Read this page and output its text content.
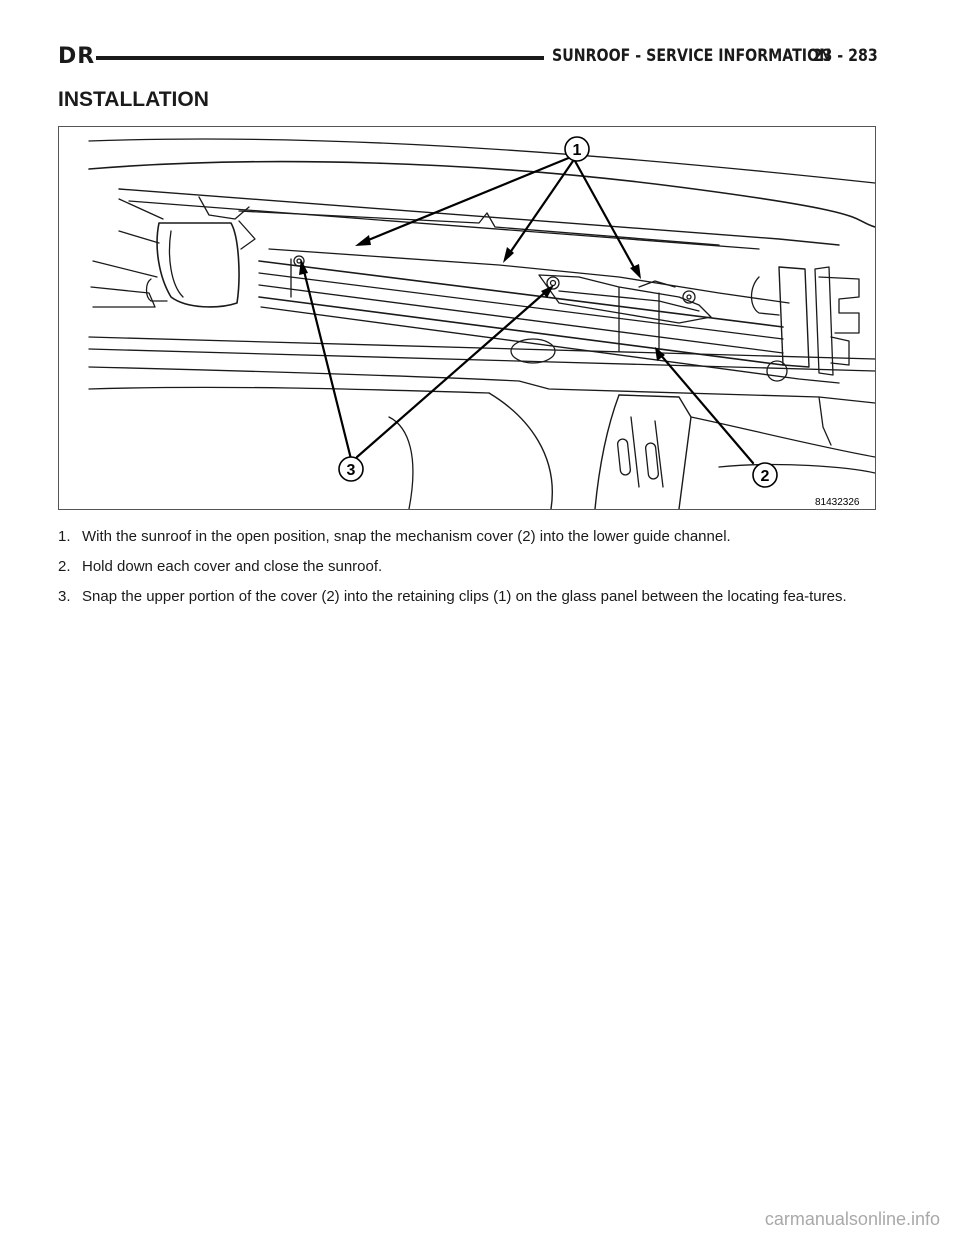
DR	SUNROOF - SERVICE INFORMATION
23 - 283
INSTALLATION
1
3	2
81432326
1. With the sunroof in the open position, snap the mechanism cover (2) into the lower guide channel.
2. Hold down each cover and close the sunroof.
3. Snap the upper portion of the cover (2) into the retaining clips (1) on the glass panel between the locating fea-tures.
carmanualsonline.info
